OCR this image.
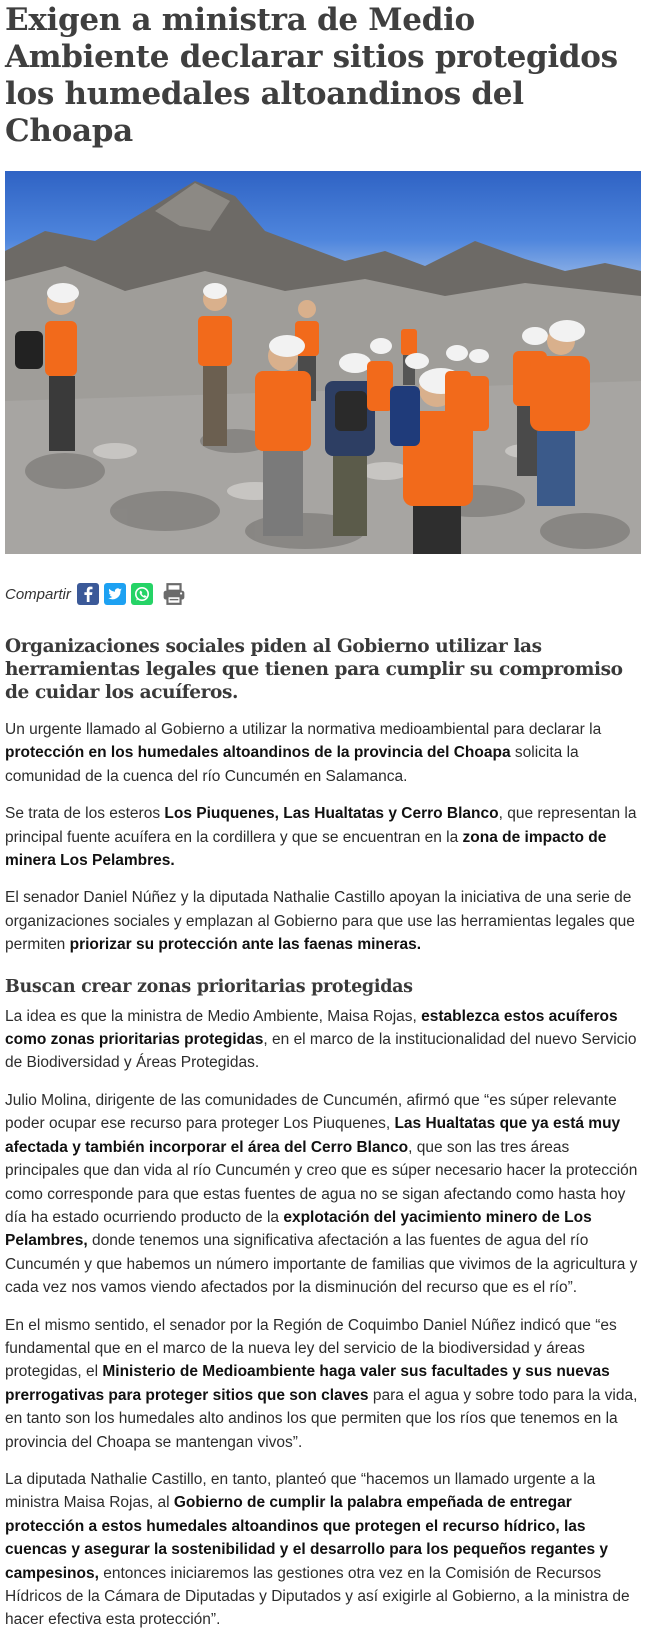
Exigen a ministra de Medio Ambiente declarar sitios protegidos los humedales altoandinos del Choapa
Compartir
Organizaciones sociales piden al Gobierno utilizar las herramientas legales que tienen para cumplir su compromiso de cuidar los acuíferos.

Un urgente llamado al Gobierno a utilizar la normativa medioambiental para declarar la protección en los humedales altoandinos de la provincia del Choapa solicita la comunidad de la cuenca del río Cuncumén en Salamanca.

Se trata de los esteros Los Piuquenes, Las Hualtatas y Cerro Blanco, que representan la principal fuente acuífera en la cordillera y que se encuentran en la zona de impacto de minera Los Pelambres.

El senador Daniel Núñez y la diputada Nathalie Castillo apoyan la iniciativa de una serie de organizaciones sociales y emplazan al Gobierno para que use las herramientas legales que permiten priorizar su protección ante las faenas mineras.

Buscan crear zonas prioritarias protegidas

La idea es que la ministra de Medio Ambiente, Maisa Rojas, establezca estos acuíferos como zonas prioritarias protegidas, en el marco de la institucionalidad del nuevo Servicio de Biodiversidad y Áreas Protegidas.

Julio Molina, dirigente de las comunidades de Cuncumén, afirmó que “es súper relevante poder ocupar ese recurso para proteger Los Piuquenes, Las Hualtatas que ya está muy afectada y también incorporar el área del Cerro Blanco, que son las tres áreas principales que dan vida al río Cuncumén y creo que es súper necesario hacer la protección como corresponde para que estas fuentes de agua no se sigan afectando como hasta hoy día ha estado ocurriendo producto de la explotación del yacimiento minero de Los Pelambres, donde tenemos una significativa afectación a las fuentes de agua del río Cuncumén y que habemos un número importante de familias que vivimos de la agricultura y cada vez nos vamos viendo afectados por la disminución del recurso que es el río”.

En el mismo sentido, el senador por la Región de Coquimbo Daniel Núñez indicó que “es fundamental que en el marco de la nueva ley del servicio de la biodiversidad y áreas protegidas, el Ministerio de Medioambiente haga valer sus facultades y sus nuevas prerrogativas para proteger sitios que son claves para el agua y sobre todo para la vida, en tanto son los humedales alto andinos los que permiten que los ríos que tenemos en la provincia del Choapa se mantengan vivos”.

La diputada Nathalie Castillo, en tanto, planteó que “hacemos un llamado urgente a la ministra Maisa Rojas, al Gobierno de cumplir la palabra empeñada de entregar protección a estos humedales altoandinos que protegen el recurso hídrico, las cuencas y asegurar la sostenibilidad y el desarrollo para los pequeños regantes y campesinos, entonces iniciaremos las gestiones otra vez en la Comisión de Recursos Hídricos de la Cámara de Diputadas y Diputados y así exigirle al Gobierno, a la ministra de hacer efectiva esta protección”.
